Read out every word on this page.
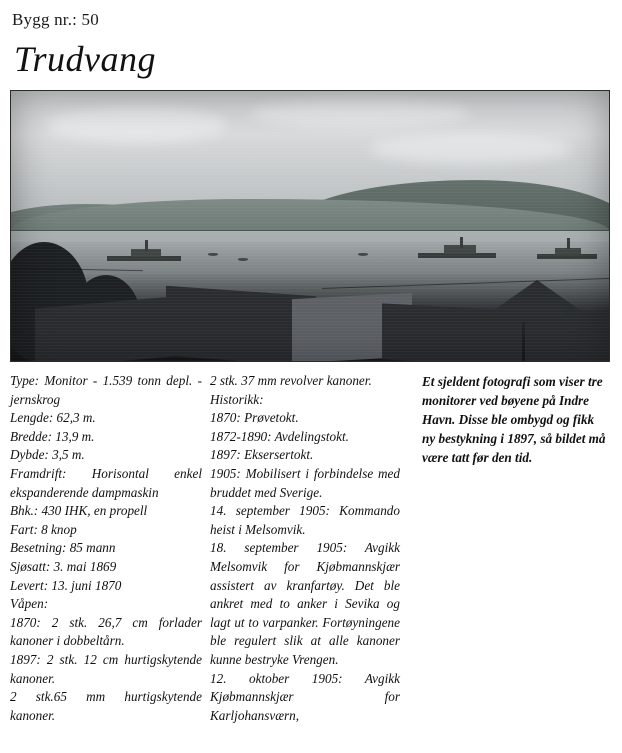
Bygg nr.: 50
Trudvang

Type: Monitor - 1.539 tonn depl. - jernskrog

Lengde: 62,3 m.

Bredde: 13,9 m.

Dybde: 3,5 m.

Framdrift: Horisontal enkel ekspanderende dampmaskin

Bhk.: 430 IHK, en propell

Fart: 8 knop

Besetning: 85 mann

Sjøsatt: 3. mai 1869

Levert: 13. juni 1870

Våpen:

1870: 2 stk. 26,7 cm forlader kanoner i dobbeltårn.

1897: 2 stk. 12 cm hurtigskytende kanoner.

2 stk.65 mm hurtigskytende kanoner.

2 stk. 37 mm revolver kanoner.

Historikk:

1870: Prøvetokt.

1872-1890: Avdelingstokt.

1897: Eksersertokt.

1905: Mobilisert i forbindelse med bruddet med Sverige.

14. september 1905: Kommando heist i Melsomvik.

18. september 1905: Avgikk Melsomvik for Kjøbmannskjær assistert av kranfartøy. Det ble ankret med to anker i Sevika og lagt ut to varpanker. Fortøyningene ble regulert slik at alle kanoner kunne bestryke Vrengen.

12. oktober 1905: Avgikk Kjøbmannskjær for Karljohansværn,

Et sjeldent fotografi som viser tre monitorer ved bøyene på Indre Havn. Disse ble ombygd og fikk ny bestykning i 1897, så bildet må være tatt før den tid.
